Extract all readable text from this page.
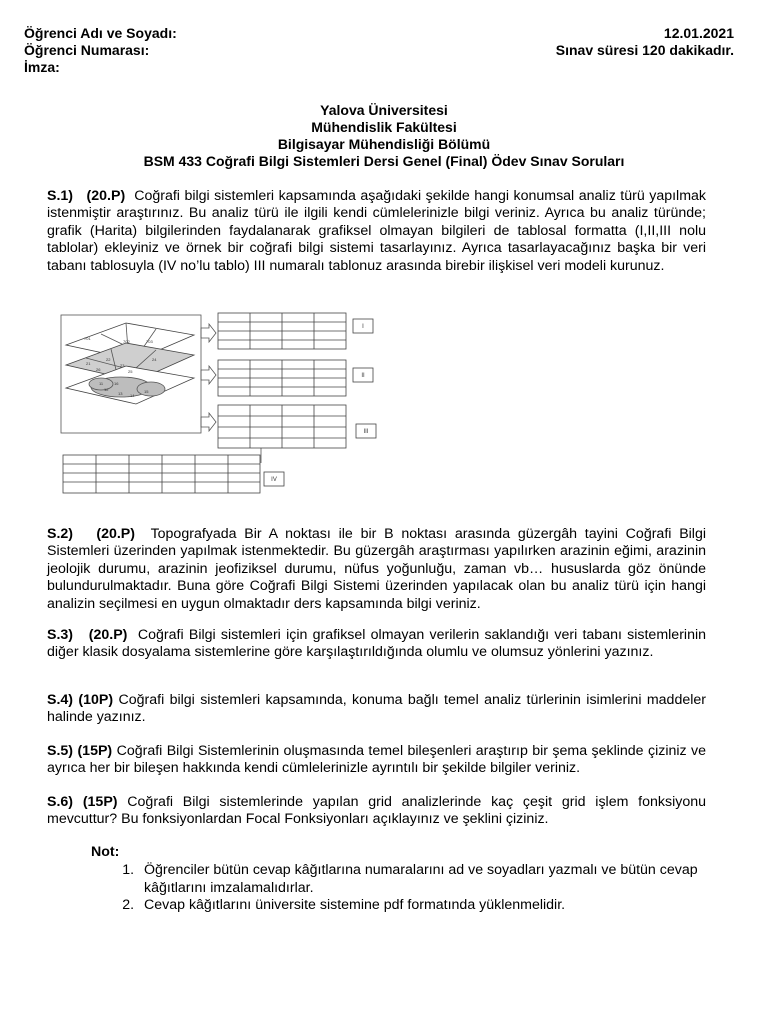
Öğrenci Adı ve Soyadı:
Öğrenci Numarası:
İmza:
12.01.2021
Sınav süresi 120 dakikadır.
Yalova Üniversitesi
Mühendislik Fakültesi
Bilgisayar Mühendisliği Bölümü
BSM 433 Coğrafi Bilgi Sistemleri Dersi Genel (Final) Ödev Sınav Soruları
S.1) (20.P) Coğrafi bilgi sistemleri kapsamında aşağıdaki şekilde hangi konumsal analiz türü yapılmak istenmiştir araştırınız. Bu analiz türü ile ilgili kendi cümlelerinizle bilgi veriniz. Ayrıca bu analiz türünde; grafik (Harita) bilgilerinden faydalanarak grafiksel olmayan bilgileri de tablosal formatta (I,II,III nolu tablolar) ekleyiniz ve örnek bir coğrafi bilgi sistemi tasarlayınız. Ayrıca tasarlayacağınız başka bir veri tabanı tablosuyla (IV no’lu tablo) III numaralı tablonuz arasında birebir ilişkisel veri modeli kurunuz.
701
702	703
11
12
13 14
15
16
21
22
23
24
25
26
I
II
III
IV
S.2) (20.P) Topografyada Bir A noktası ile bir B noktası arasında güzergâh tayini Coğrafi Bilgi Sistemleri üzerinden yapılmak istenmektedir. Bu güzergâh araştırması yapılırken arazinin eğimi, arazinin jeolojik durumu, arazinin jeofiziksel durumu, nüfus yoğunluğu, zaman vb… hususlarda göz önünde bulundurulmaktadır. Buna göre Coğrafi Bilgi Sistemi üzerinden yapılacak olan bu analiz türü için hangi analizin seçilmesi en uygun olmaktadır ders kapsamında bilgi veriniz.
S.3) (20.P) Coğrafi Bilgi sistemleri için grafiksel olmayan verilerin saklandığı veri tabanı sistemlerinin diğer klasik dosyalama sistemlerine göre karşılaştırıldığında olumlu ve olumsuz yönlerini yazınız.
S.4) (10P) Coğrafi bilgi sistemleri kapsamında, konuma bağlı temel analiz türlerinin isimlerini maddeler halinde yazınız.
S.5) (15P) Coğrafi Bilgi Sistemlerinin oluşmasında temel bileşenleri araştırıp bir şema şeklinde çiziniz ve ayrıca her bir bileşen hakkında kendi cümlelerinizle ayrıntılı bir şekilde bilgiler veriniz.
S.6) (15P) Coğrafi Bilgi sistemlerinde yapılan grid analizlerinde kaç çeşit grid işlem fonksiyonu mevcuttur? Bu fonksiyonlardan Focal Fonksiyonları açıklayınız ve şeklini çiziniz.
Not:
1. Öğrenciler bütün cevap kâğıtlarına numaralarını ad ve soyadları yazmalı ve bütün cevap kâğıtlarını imzalamalıdırlar.
2. Cevap kâğıtlarını üniversite sistemine pdf formatında yüklenmelidir.
